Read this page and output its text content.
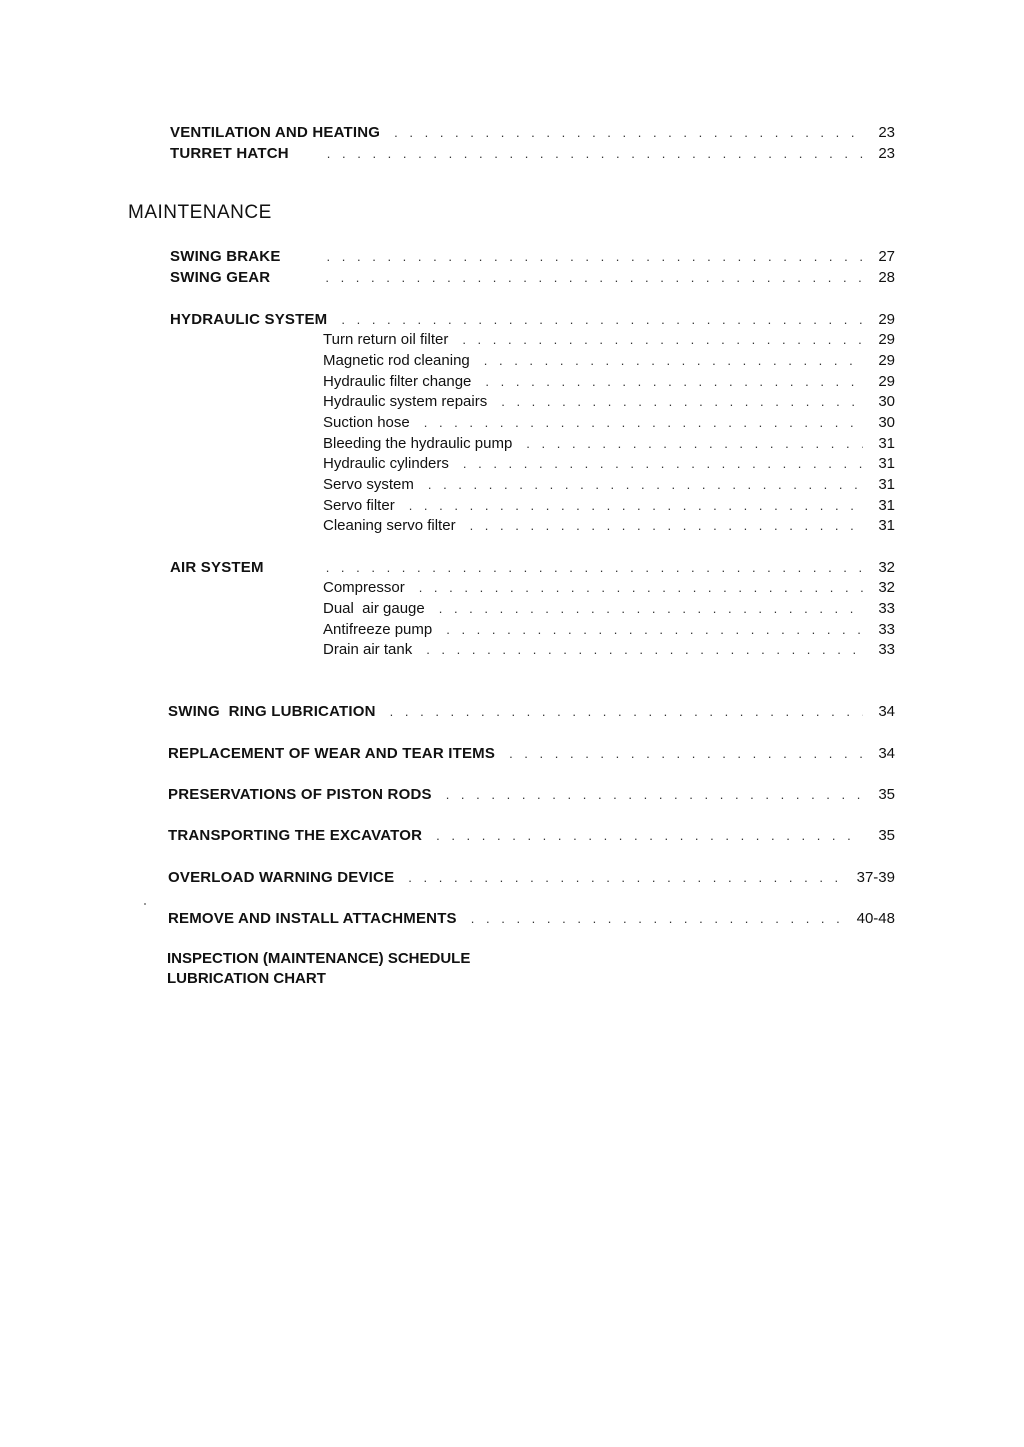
VENTILATION AND HEATING . . .	23
TURRET HATCH . . .	23
MAINTENANCE
SWING BRAKE . . .	27
SWING GEAR . . .	28
HYDRAULIC SYSTEM . . .	29
Turn return oil filter . . .	29
Magnetic rod cleaning . . .	29
Hydraulic filter change . . .	29
Hydraulic system repairs . . .	30
Suction hose . . .	30
Bleeding the hydraulic pump . . .	31
Hydraulic cylinders . . .	31
Servo system . . .	31
Servo filter . . .	31
Cleaning servo filter . . .	31
AIR SYSTEM . . .	32
Compressor . . .	32
Dual  air gauge . . .	33
Antifreeze pump . . .	33
Drain air tank . . .	33
SWING  RING LUBRICATION . . .	34
REPLACEMENT OF WEAR AND TEAR ITEMS . . .	34
PRESERVATIONS OF PISTON RODS . . .	35
TRANSPORTING THE EXCAVATOR . . .	35
OVERLOAD WARNING DEVICE . . .	37-39
REMOVE AND INSTALL ATTACHMENTS . . .	40-48
INSPECTION (MAINTENANCE) SCHEDULE
LUBRICATION CHART
